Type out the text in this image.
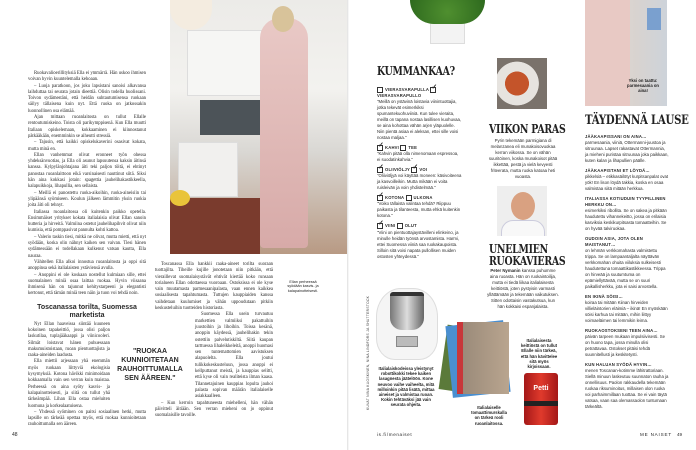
Ruokavalioerillityksiä Ella ei ymmärrä. Hän uskoo ihmisen voivan hyvin kuuntelemalla kehoaan.

– Luoja paratkoon, jos joku lapsistani sanoisi alkavansa laihduttaa tai seurata jotain dieettiä. Olisin todella huolissani. Toivon sydämestäni, että heidän suhtautumisensa ruokaan säilyy tällaisena kuin nyt. Että ruoka on jatkossakin luonnollinen osa elämää.

Ajan mittaan ruoanlaitosta on tullut Ellalle rentoutumiskeino. Toista oli parikymppisenä. Kun Ella muutti Italiaan opiskelemaan, kokkaaminen ei kiinnostanut pätkääkään, enemminkin se aiheutti stressiä.

– Tajusin, että kaikki opiskelukaverini osasivat kokata, mutta minä en.

Ellan vanhemmat olivat eronneet työn ohessa yhdeksänvuotias, ja Ella oli asunut lapsuutensa kaksin äitinsä kanssa. Kylpylänjohtajana äiti teki paljon töitä, ei ehtinyt panostaa ruoanlaittoon eikä varsinaisesti nauttinut siitä. Siksi hän aina kokkasi jotain: spagettia jauhelihakastikkeella, kalapuikkoja, lihapullia, sen sellaista.

– Meillä ei panostettu ruoka-aikoihin, ruoka-aineisiin tai ylipäänsä syömiseen. Koulun jälkeen lämmitin yksin ruokia joita äiti oli tehnyt.

Italiassa ruoanlaitossa oli kuitenkin paikko opetella. Ensimmäiset yritykset kokata italialaisia olivat Ellan sanoin hutteria ja hirveitä. Valmiina ostetut jauhelihapihvit olivat niin kumisia, että pomppasivat pannulta kohti kattoa.

– Valerio taskin tiesi, mitkä ne olivat, mutta mietti, että nyt syödään, koska olin nähnyt kaiken sen vaivan. Tiesi hänen sydämessään ei todellakaan kulkenut vatsan kautta, Ella nauraa.

Vähitellen Ella alkoi innostua ruoanlaitosta ja oppi sitä anoppinsa sekä italialaisten ystäviensä avulla.

– Anoppini ei ole koskaan nostellut kulmiaan sille, ettei suomalainen miniä osaa laittaa ruokaa. Hyvin viisaana ihmisenä hän on tajunnut kehitystarpeeni ja elegantisti kertonut, että tämän miniä teen näin ja tuon voi tehdä noin.

Toscanassa torilta, Suomessa marketista

Nyt Ellan haaveissa siintää kuuneen kokoinen tapakeittiö, jossa olisi paljon laskutilaa, tuplajääkaappi ja viinicooleri. Silmät loistavat hänen puhuessaan makumuistoistaan, ruoan pientuottajista ja raaka-aineiden laadusta.

Ella miettii arjessaan yhä enemmän myös ruokaan liittyviä ekologisia kysymyksiä. Kotona hävikki minimoidaan kokkaamalla vain sen verran kuin maistaa. Perheessä on aina syöty kasvis- ja kalapainotteisesti, ja siitä on tullut yhä tärkeämpää. Lihan Ella ostaa mieluiten luomuna ja korkealaatuisena.

– Yhdessä syöminen on paitsi sosiaalinen hetki, mutta lapsille on tärkeää opettaa myös, että ruokaa kunnioitetaan rauhoittumalla sen ääreen.

Toscanassa Ella hankkii raaka-aineet torilta suoraan tuottajilta. Tiheille kujille jonotetaan niin pitkään, että vieraillevat suomalaisystävät ehtivät kiertää koko runsaan torialueen Ellan odottaessa vuoroaan. Ostoksissa ei ole kyse vain muutamasta parmesaanipalasta, vaan ennen kaikkea sosiaalisesta tapahtumasta. Tuttujen kauppiaiden kanssa vaihdetaan kuulumiset ja vähän uppoudutaan pitkiin keskusteluihin tuotteiden historiasta.

Suomessa Ella usein turvautuu markettien valmiiksi pakattuihin juustoihin ja lihoihin. Toissa kesänä, anoppin käydessä, jauhelihakin tekin ostettiin palvelutiskiltä. Siitä kaupan tarttuessa lihaleikkeleitä, anoppi huomasi sen tuntemattomien aavistuksen alapuolelta. Ella joutui tulikkokeskusteluun, jossa anoppi ei kellputtanut meistä, ja kauppias selitti, että kyse oli vain realiteista ilman kaasa. Tilannetajuinen kauppias lopulta jauhoi palasta sopivan määrän italialaiselle asiakkaalleen.

– Kun kerroin tapahtuneesta miehelleni, hän vähän päivitteli äitiään. Sen verran mieheni on jo oppinut suomalaisille tavoille.

"RUOKAA KUNNIOITETAAN RAUHOITTUMALLA SEN ÄÄREEN."
Ellan perheessä syödään kasvis- ja kalapainotteisesti.
48
KUMMANKAA?
VIERASVARAPULLA ✓VIERASVARAPULLO
"Meillä on ystävinä loistavia viinintuottajia, jotka tekevät esimerkiksi spumantekuohuviiniä. Kun tulee vieraita, meillä on tapana nostaa lasillisen kuohuvaa, se aina kohottaa vähän arjen yläpuolelle. Niin pientä asiaa ei aleksan, ettei sille voisi nostaa maljaa."
✓KAHVI TEE
"Kahvin pitää olla nimenomaan espressoa, ei suodatinkahvia."
✓OLIIVIÖLJY ✓ VOI
"Oliiviöljyä voi käyttää moneen: käsivoiteena ja kasvoilleikin. Mutta mikään ei voita ruisleivän ja voin yhdistelmää."
✓KOTONA ULKONA
"Voiko tällaista valintaa tehdä? Riippuu paikasta ja tilanteesta, mutta ehkä kuitenkin kotona."
✓VIINI OLUT
"Viini on pientuottajaystävilleni elinkeino, ja minulle heidän työnsä arvostamista. Harmi, ettei Suomessa viiniä saa ruokakaupoista. Silloin sitä voisi napata pullollisen muiden ostosten yhteydessä."
Italialaiskodeissa yleistynyt robottikokki tekee kaiken lasagnesta jäätelöön. Kone neuvoo vaihe vaiheelta, mitä milloinkin pitää lisätä, mittaa aineiset ja valmistaa ruoan. Kokin tehtäväksi jää vain seurata ohjeita.
Italialaiselle tomaattimurskalla on tärkeä rooli ruoanlaitossa.
VIIKON PARAS
Pyrin tekemään parmigiana di melanzanea eli munakoisovuokaa kerran viikossa. Se on vähän suuritöinen, koska munakoisot pitää ikkettää, pestä ja vielä kevyesti friteerata, mutta ruoka katoaa heti vuoasta.
UNELMIEN RUOKAVIERAS
Peter Nymanin kanssa puhumme aina ruoasta. Hän on ruokaintoilija, mutta ei tiedä liikaa italialaisesta keittiöstä, joten pystyisin varmasti yllättämään ja tekemään vaikutuksen. Sitten odottaisin vastakutsua, kun hän kokkaisi espanjalaista.
Italialaisesta keittiöstä on tullut Ellalle niin tärkeä, että hän kävittelee sitä myös kirjoissaan.
Petti
Yksi on taattu: parmesaania on aina!
TÄYDENNÄ LAUSE
JÄÄKAAPISSANI ON AINA…
parmesaania, viiniä, Ottermanni-juustoa ja sitruunaa. Lapset rakastavat Ottermannia, ja mieheni puristaa sitruunaa joka paikkaan, kuten kalan ja lihapullien päälle.
JÄÄKAAPISTANI ET LÖYDÄ…
pikkelsiä – etikkasäilötyt kurpitsanpalat ovat yök! En lison löydä takkia, koska en osaa valmistaa siitä mitään herkkua.
ITALIASSA KOTIUDUIN TYYPILLINEN HERKKU ON…
esimerkiksi ribollita. Se on sakea ja pitkään haudutettu vihannekeitto, jossa on erilaisia kasviksia keskikurpitsasta tomaatteihin. Se on hyvää talviruokaa.
OUDOIN ASIA, JOTA OLEN MAISTANUT…
on lehmän verkkomahasta valmistettu trippa. Se on lampaantaljalta näyttävän verkkomahan ohuita viiluksia sulkeisesti haudutettuna tomaattikastikkeessa. Trippa on hirveää ja suutumtuma on epämiellyttävää, mutta se on suuri paikallisherkku, jota ei saisi arvostella.
EN IKINÄ SÖISI…
koiraa tai mitään Kiinan hirveiden villieläintorien eläimiä – ikinä! En myöskään söisi karhua tai mitään, mihin liittyy voimaeläimen tai lemmikin leima.
RUOKAOSTOKSENI TEEN AINA…
päivän tarpeen mukaan impulsiivisesti. Se on huono tapa, jossa minulla olisi petrattavaa. Ostokset pitäisi tehdä suunnitellusti ja keskitetysti.
KUN HALUAN SYÖDÄ HYVIN…
menen Toscanan-kotimme lähitrattoriaan. Siellä minuun laskeutuu suunnaton rauha ja onnellisuus. Paolon rakkaudella tekemään ruokaa riksuminoitus, millaisen olon ruoka voi parhaimmillaan tuottaa. Se ei vain täytä vatsaa, vaan saa olemassaolon tuntumaan tärkeältä.
KUVAT NINA KUOSKINEN, NINA LINDFORS JA SHUTTERSTOCK
is.fi/menaiset	ME NAISET 49
